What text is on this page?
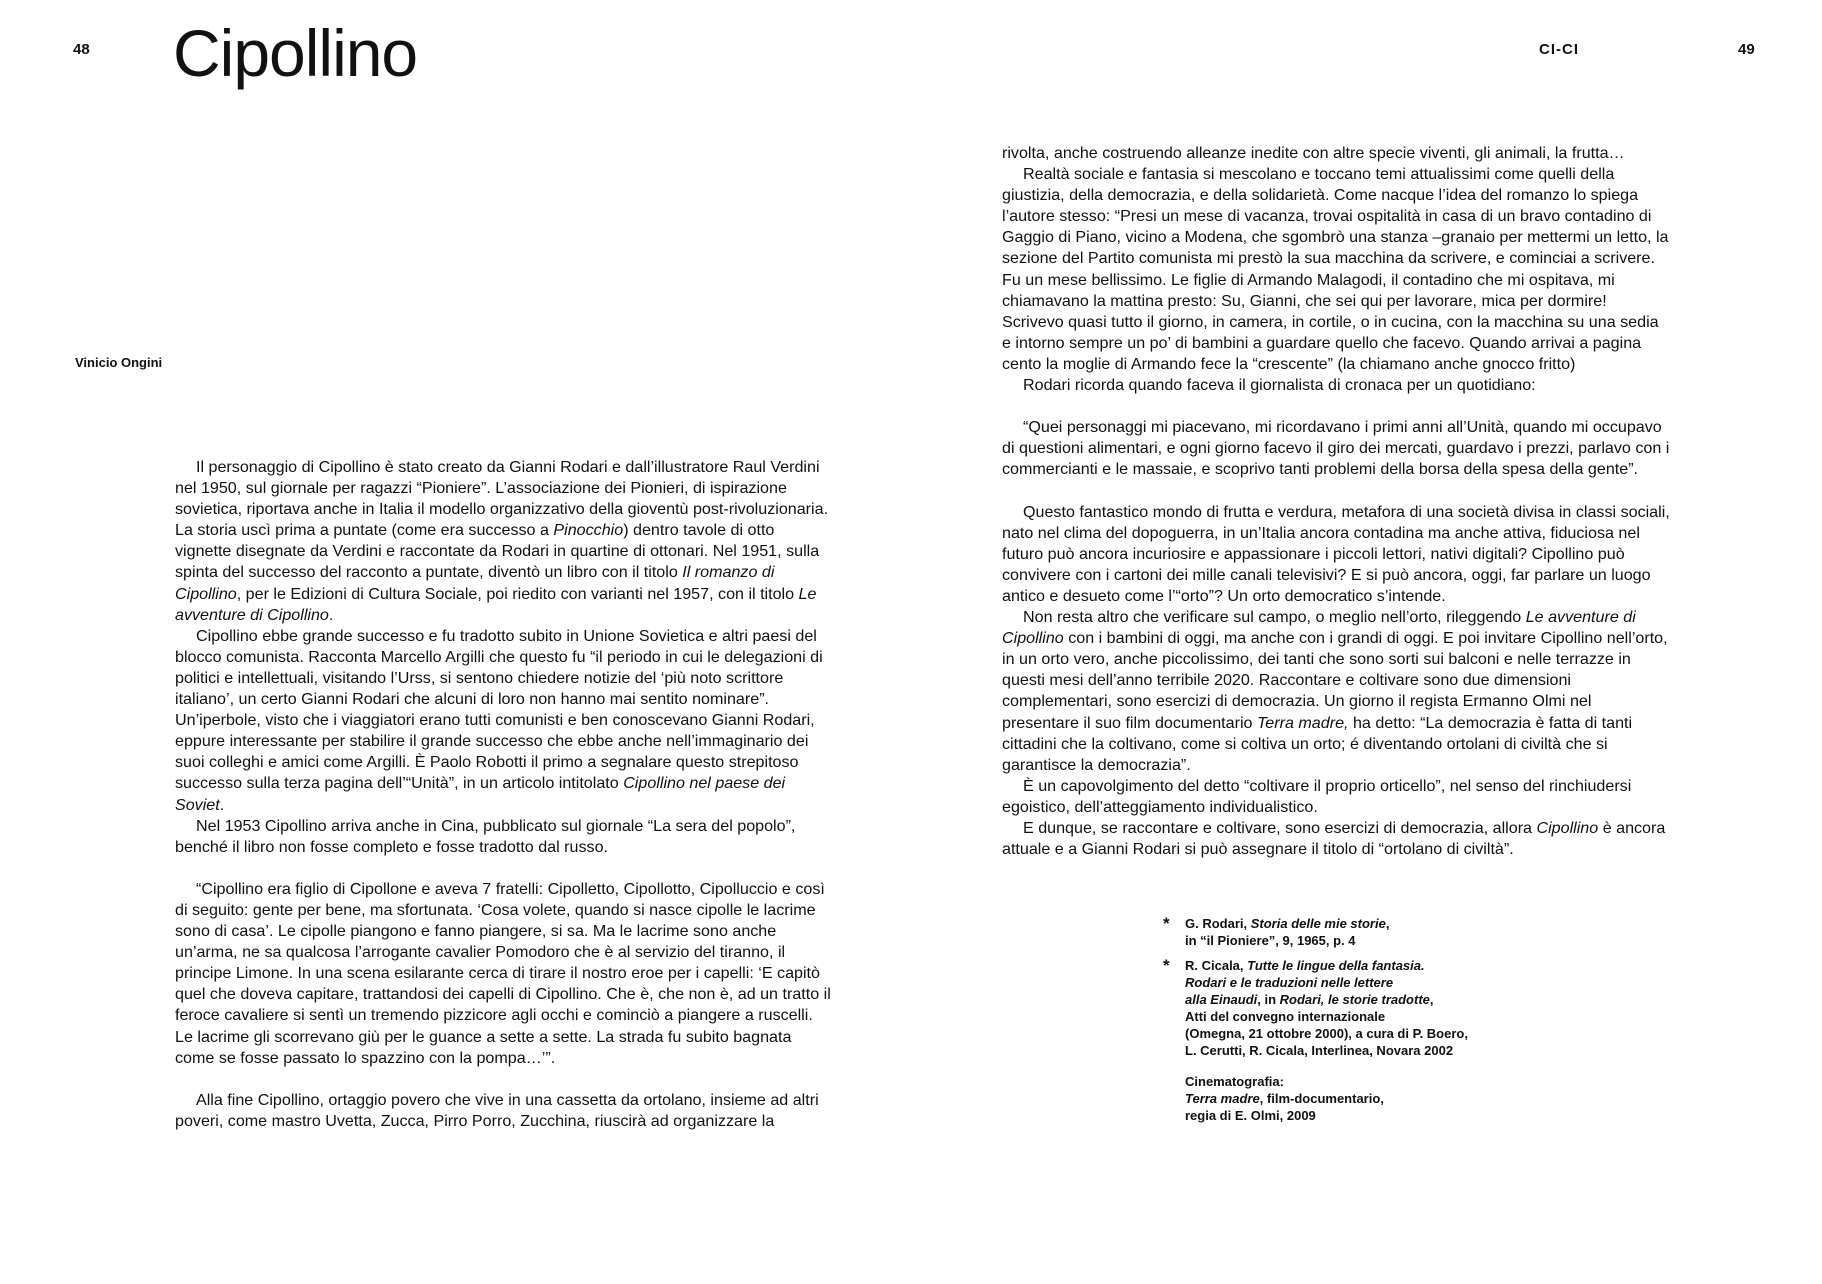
48 Cipollino	CI-CI	49
Vinicio Ongini

Il personaggio di Cipollino è stato creato da Gianni Rodari e dall’illustratore Raul Verdini nel 1950, sul giornale per ragazzi “Pioniere”. L’associazione dei Pionieri, di ispirazione sovietica, riportava anche in Italia il modello organizzativo della gioventù post-rivoluzionaria. La storia uscì prima a puntate (come era successo a Pinocchio) dentro tavole di otto vignette disegnate da Verdini e raccontate da Rodari in quartine di ottonari. Nel 1951, sulla spinta del successo del racconto a puntate, diventò un libro con il titolo Il romanzo di Cipollino, per le Edizioni di Cultura Sociale, poi riedito con varianti nel 1957, con il titolo Le avventure di Cipollino.

Cipollino ebbe grande successo e fu tradotto subito in Unione Sovietica e altri paesi del blocco comunista. Racconta Marcello Argilli che questo fu “il periodo in cui le delegazioni di politici e intellettuali, visitando l’Urss, si sentono chiedere notizie del ‘più noto scrittore italiano’, un certo Gianni Rodari che alcuni di loro non hanno mai sentito nominare”. Un’iperbole, visto che i viaggiatori erano tutti comunisti e ben conoscevano Gianni Rodari, eppure interessante per stabilire il grande successo che ebbe anche nell’immaginario dei suoi colleghi e amici come Argilli. È Paolo Robotti il primo a segnalare questo strepitoso successo sulla terza pagina dell’“Unità”, in un articolo intitolato Cipollino nel paese dei Soviet.

Nel 1953 Cipollino arriva anche in Cina, pubblicato sul giornale “La sera del popolo”, benché il libro non fosse completo e fosse tradotto dal russo.

“Cipollino era figlio di Cipollone e aveva 7 fratelli: Cipolletto, Cipollotto, Cipolluccio e così di seguito: gente per bene, ma sfortunata. ‘Cosa volete, quando si nasce cipolle le lacrime sono di casa’. Le cipolle piangono e fanno piangere, si sa. Ma le lacrime sono anche un’arma, ne sa qualcosa l’arrogante cavalier Pomodoro che è al servizio del tiranno, il principe Limone. In una scena esilarante cerca di tirare il nostro eroe per i capelli: ‘E capitò quel che doveva capitare, trattandosi dei capelli di Cipollino. Che è, che non è, ad un tratto il feroce cavaliere si sentì un tremendo pizzicore agli occhi e cominciò a piangere a ruscelli. Le lacrime gli scorrevano giù per le guance a sette a sette. La strada fu subito bagnata come se fosse passato lo spazzino con la pompa…’”.

Alla fine Cipollino, ortaggio povero che vive in una cassetta da ortolano, insieme ad altri poveri, come mastro Uvetta, Zucca, Pirro Porro, Zucchina, riuscirà ad organizzare la

rivolta, anche costruendo alleanze inedite con altre specie viventi, gli animali, la frutta…

Realtà sociale e fantasia si mescolano e toccano temi attualissimi come quelli della giustizia, della democrazia, e della solidarietà. Come nacque l’idea del romanzo lo spiega l’autore stesso: “Presi un mese di vacanza, trovai ospitalità in casa di un bravo contadino di Gaggio di Piano, vicino a Modena, che sgombrò una stanza –granaio per mettermi un letto, la sezione del Partito comunista mi prestò la sua macchina da scrivere, e cominciai a scrivere. Fu un mese bellissimo. Le figlie di Armando Malagodi, il contadino che mi ospitava, mi chiamavano la mattina presto: Su, Gianni, che sei qui per lavorare, mica per dormire! Scrivevo quasi tutto il giorno, in camera, in cortile, o in cucina, con la macchina su una sedia e intorno sempre un po’ di bambini a guardare quello che facevo. Quando arrivai a pagina cento la moglie di Armando fece la “crescente” (la chiamano anche gnocco fritto)

Rodari ricorda quando faceva il giornalista di cronaca per un quotidiano:

“Quei personaggi mi piacevano, mi ricordavano i primi anni all’Unità, quando mi occupavo di questioni alimentari, e ogni giorno facevo il giro dei mercati, guardavo i prezzi, parlavo con i commercianti e le massaie, e scoprivo tanti problemi della borsa della spesa della gente”.

Questo fantastico mondo di frutta e verdura, metafora di una società divisa in classi sociali, nato nel clima del dopoguerra, in un’Italia ancora contadina ma anche attiva, fiduciosa nel futuro può ancora incuriosire e appassionare i piccoli lettori, nativi digitali? Cipollino può convivere con i cartoni dei mille canali televisivi? E si può ancora, oggi, far parlare un luogo antico e desueto come l’“orto”? Un orto democratico s’intende.

Non resta altro che verificare sul campo, o meglio nell’orto, rileggendo Le avventure di Cipollino con i bambini di oggi, ma anche con i grandi di oggi. E poi invitare Cipollino nell’orto, in un orto vero, anche piccolissimo, dei tanti che sono sorti sui balconi e nelle terrazze in questi mesi dell’anno terribile 2020. Raccontare e coltivare sono due dimensioni complementari, sono esercizi di democrazia. Un giorno il regista Ermanno Olmi nel presentare il suo film documentario Terra madre, ha detto: “La democrazia è fatta di tanti cittadini che la coltivano, come si coltiva un orto; é diventando ortolani di civiltà che si garantisce la democrazia”.

È un capovolgimento del detto “coltivare il proprio orticello”, nel senso del rinchiudersi egoistico, dell’atteggiamento individualistico.

E dunque, se raccontare e coltivare, sono esercizi di democrazia, allora Cipollino è ancora attuale e a Gianni Rodari si può assegnare il titolo di “ortolano di civiltà”.

* G. Rodari, Storia delle mie storie,
in “il Pioniere”, 9, 1965, p. 4
* R. Cicala, Tutte le lingue della fantasia.
Rodari e le traduzioni nelle lettere
alla Einaudi, in Rodari, le storie tradotte,
Atti del convegno internazionale
(Omegna, 21 ottobre 2000), a cura di P. Boero,
L. Cerutti, R. Cicala, Interlinea, Novara 2002
Cinematografia:
Terra madre, film-documentario,
regia di E. Olmi, 2009
